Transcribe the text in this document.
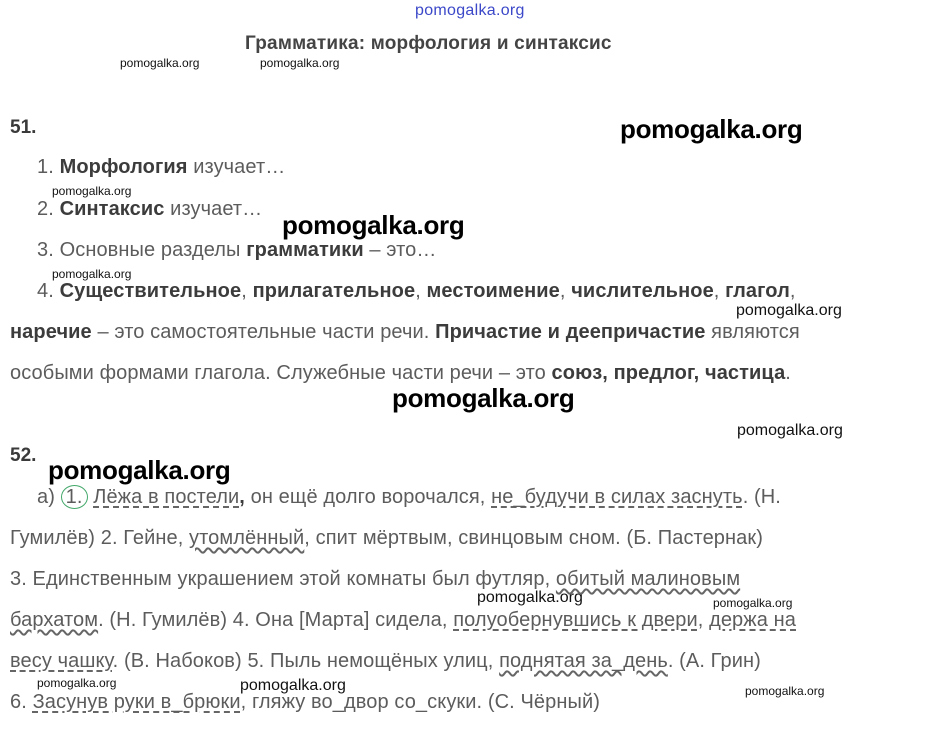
pomogalka.org
Грамматика: морфология и синтаксис
pomogalka.org	pomogalka.org
pomogalka.org
pomogalka.org
pomogalka.org
pomogalka.org
pomogalka.org
pomogalka.org
pomogalka.org
pomogalka.org
pomogalka.org	pomogalka.org
pomogalka.org	pomogalka.org	pomogalka.org
51.
1. Морфология изучает…
2. Синтаксис изучает…
3. Основные разделы грамматики – это…
4. Существительное, прилагательное, местоимение, числительное, глагол,
наречие – это самостоятельные части речи. Причастие и деепричастие являются
особыми формами глагола. Служебные части речи – это союз, предлог, частица.
52.
а) 1. Лёжа в постели, он ещё долго ворочался, не_будучи в силах заснуть. (Н.
Гумилёв) 2. Гейне, утомлённый, спит мёртвым, свинцовым сном. (Б. Пастернак)
3. Единственным украшением этой комнаты был футляр, обитый малиновым
бархатом. (Н. Гумилёв) 4. Она [Марта] сидела, полуобернувшись к двери, держа на
весу чашку. (В. Набоков) 5. Пыль немощёных улиц, поднятая за_день. (А. Грин)
6. Засунув руки в_брюки, гляжу во_двор со_скуки. (С. Чёрный)
